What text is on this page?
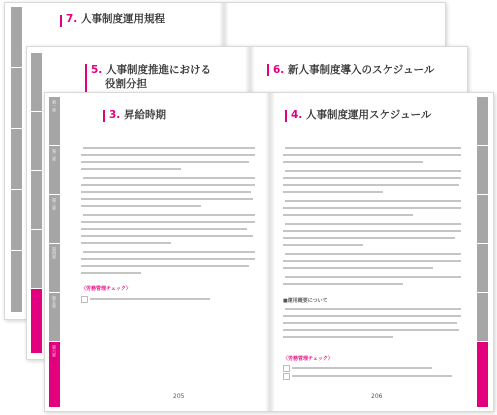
7. 人事制度運用規程
5. 人事制度推進における
役割分担
6. 新人事制度導入のスケジュール
第一章
第二章
第三章
第四章
第五章
第六章
3. 昇給時期
〈労務管理チェック〉
205
4. 人事制度運用スケジュール
■運用概要について
〈労務管理チェック〉
206
